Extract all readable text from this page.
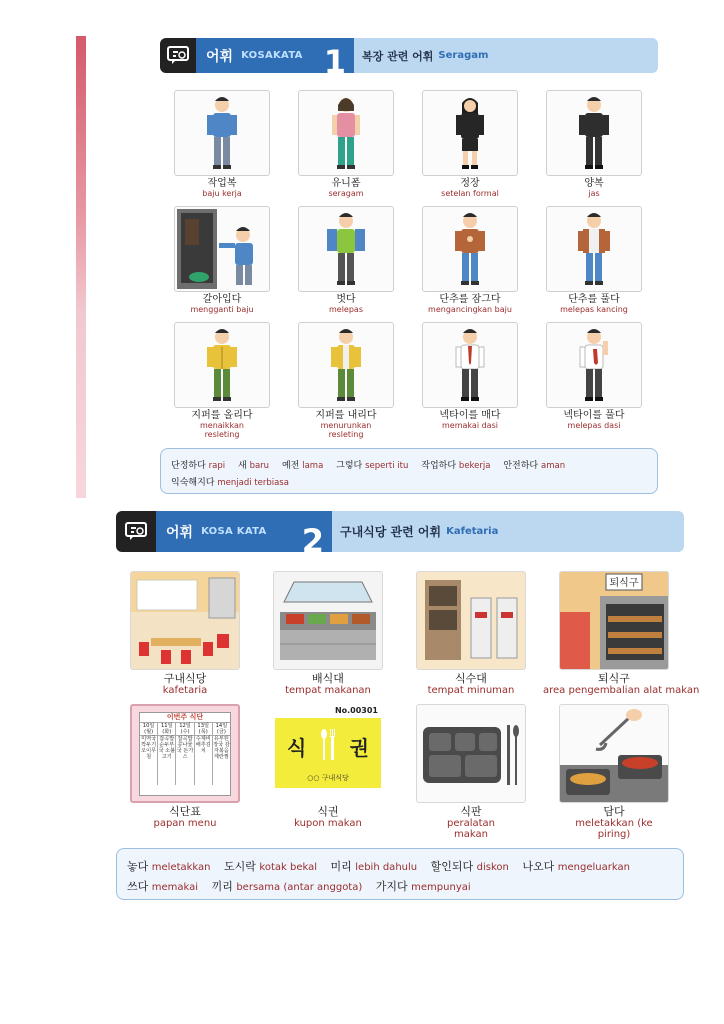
어휘 KOSAKATA 1 복장 관련 어휘 Seragam
작업복
baju kerja
유니폼
seragam
정장
setelan formal
양복
jas
갈아입다
mengganti baju
벗다
melepas
단추를 잠그다
mengancingkan baju
단추를 풀다
melepas kancing
지퍼를 올리다
menaikkan resleting
지퍼를 내리다
menurunkan resleting
넥타이를 매다
memakai dasi
넥타이를 풀다
melepas dasi
단정하다 rapi 새 baru 예전 lama 그렇다 seperti itu 작업하다 bekerja 안전하다 aman
익숙해지다 menjadi terbiasa
어휘 KOSA KATA 2 구내식당 관련 어휘 Kafetaria
구내식당
kafetaria
배식대
tempat makanan
식수대
tempat minuman
퇴식구
퇴식구
area pengembalian alat makan
이번주 식단
10일 (월)
11일 (화)
12일 (수)
13일 (목)
14일 (금)
미역국 깍두기 오이무침
잡곡밥 순두부국 소불고기
잡곡밥 콩나물국 돈가스
수제비 배추김치
유부된장국 감자볶음 계란찜
식단표
papan menu
No.00301
식 권
○○ 구내식당
식권
kupon makan
식판
peralatan makan
담다
meletakkan (ke piring)
놓다 meletakkan 도시락 kotak bekal 미리 lebih dahulu 할인되다 diskon 나오다 mengeluarkan
쓰다 memakai 끼리 bersama (antar anggota) 가지다 mempunyai
